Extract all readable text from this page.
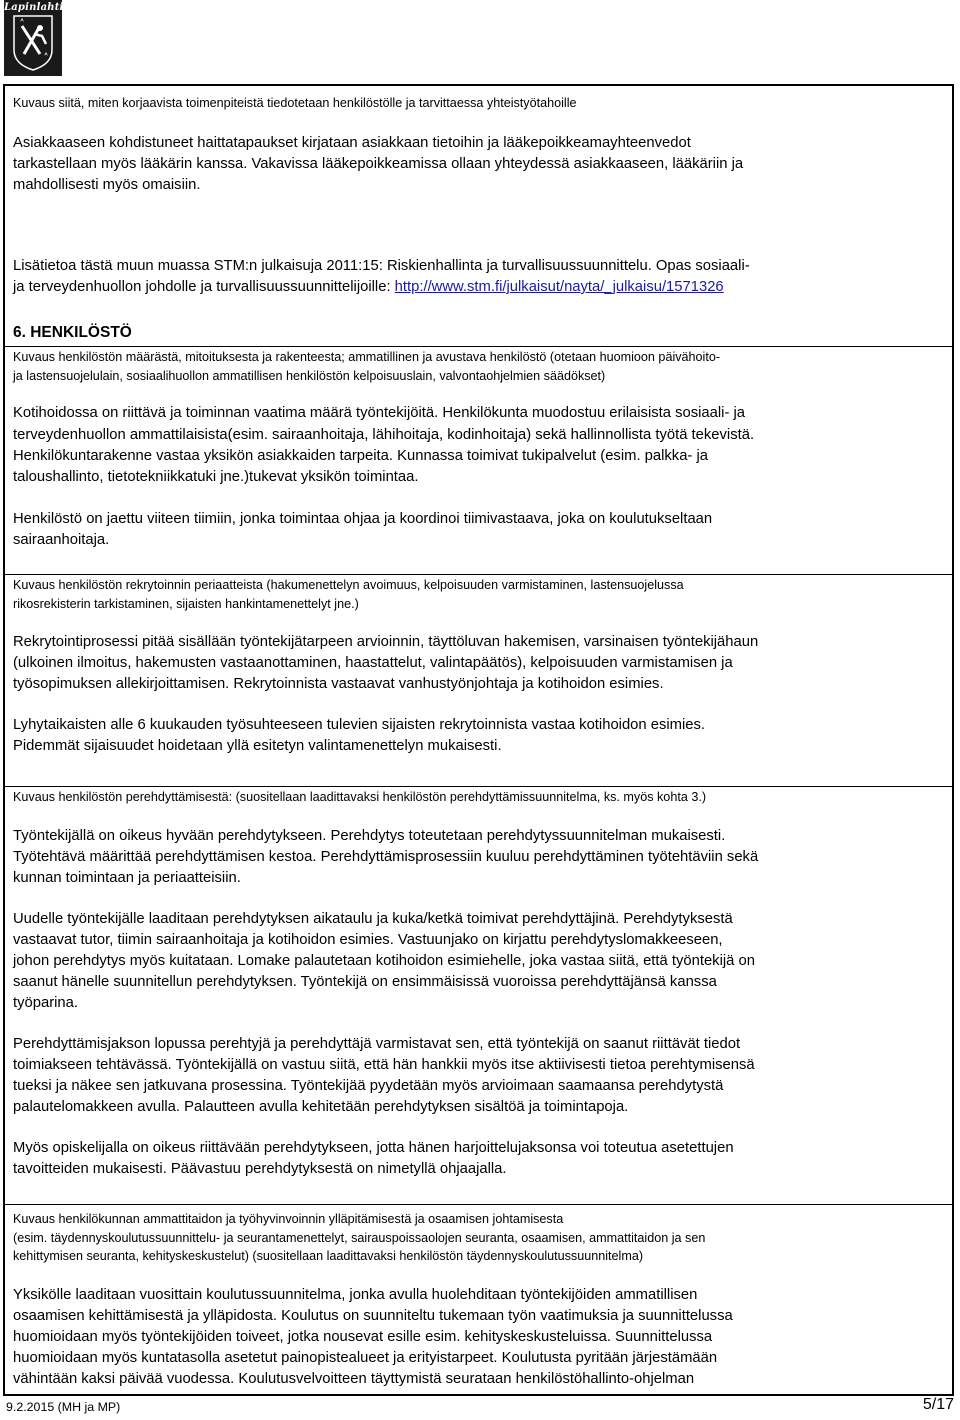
Lapinlahti

Kuvaus siitä, miten korjaavista toimenpiteistä tiedotetaan henkilöstölle ja tarvittaessa yhteistyötahoille

Asiakkaaseen kohdistuneet haittatapaukset kirjataan asiakkaan tietoihin ja lääkepoikkeamayhteenvedot

tarkastellaan myös lääkärin kanssa. Vakavissa lääkepoikkeamissa ollaan yhteydessä asiakkaaseen, lääkäriin ja

mahdollisesti myös omaisiin.

Lisätietoa tästä muun muassa STM:n julkaisuja 2011:15: Riskienhallinta ja turvallisuussuunnittelu. Opas sosiaali-

ja terveydenhuollon johdolle ja turvallisuussuunnittelijoille: http://www.stm.fi/julkaisut/nayta/_julkaisu/1571326

6. HENKILÖSTÖ

Kuvaus henkilöstön määrästä, mitoituksesta ja rakenteesta; ammatillinen ja avustava henkilöstö (otetaan huomioon päivähoito-

ja lastensuojelulain, sosiaalihuollon ammatillisen henkilöstön kelpoisuuslain, valvontaohjelmien säädökset)

Kotihoidossa on riittävä ja toiminnan vaatima määrä työntekijöitä. Henkilökunta muodostuu erilaisista sosiaali- ja

terveydenhuollon ammattilaisista(esim. sairaanhoitaja, lähihoitaja, kodinhoitaja) sekä hallinnollista työtä tekevistä.

Henkilökuntarakenne vastaa yksikön asiakkaiden tarpeita. Kunnassa toimivat tukipalvelut (esim. palkka- ja

taloushallinto, tietotekniikkatuki jne.)tukevat yksikön toimintaa.

Henkilöstö on jaettu viiteen tiimiin, jonka toimintaa ohjaa ja koordinoi tiimivastaava, joka on koulutukseltaan

sairaanhoitaja.

Kuvaus henkilöstön rekrytoinnin periaatteista (hakumenettelyn avoimuus, kelpoisuuden varmistaminen, lastensuojelussa

rikosrekisterin tarkistaminen, sijaisten hankintamenettelyt jne.)

Rekrytointiprosessi pitää sisällään työntekijätarpeen arvioinnin, täyttöluvan hakemisen, varsinaisen työntekijähaun

(ulkoinen ilmoitus, hakemusten vastaanottaminen, haastattelut, valintapäätös), kelpoisuuden varmistamisen ja

työsopimuksen allekirjoittamisen. Rekrytoinnista vastaavat vanhustyönjohtaja ja kotihoidon esimies.

Lyhytaikaisten alle 6 kuukauden työsuhteeseen tulevien sijaisten rekrytoinnista vastaa kotihoidon esimies.

Pidemmät sijaisuudet hoidetaan yllä esitetyn valintamenettelyn mukaisesti.

Kuvaus henkilöstön perehdyttämisestä: (suositellaan laadittavaksi henkilöstön perehdyttämissuunnitelma, ks. myös kohta 3.)

Työntekijällä on oikeus hyvään perehdytykseen. Perehdytys toteutetaan perehdytyssuunnitelman mukaisesti.

Työtehtävä määrittää perehdyttämisen kestoa. Perehdyttämisprosessiin kuuluu perehdyttäminen työtehtäviin sekä

kunnan toimintaan ja periaatteisiin.

Uudelle työntekijälle laaditaan perehdytyksen aikataulu ja kuka/ketkä toimivat perehdyttäjinä. Perehdytyksestä

vastaavat tutor, tiimin sairaanhoitaja ja kotihoidon esimies. Vastuunjako on kirjattu perehdytyslomakkeeseen,

johon perehdytys myös kuitataan. Lomake palautetaan kotihoidon esimiehelle, joka vastaa siitä, että työntekijä on

saanut hänelle suunnitellun perehdytyksen. Työntekijä on ensimmäisissä vuoroissa perehdyttäjänsä kanssa

työparina.

Perehdyttämisjakson lopussa perehtyjä ja perehdyttäjä varmistavat sen, että työntekijä on saanut riittävät tiedot

toimiakseen tehtävässä. Työntekijällä on vastuu siitä, että hän hankkii myös itse aktiivisesti tietoa perehtymisensä

tueksi ja näkee sen jatkuvana prosessina. Työntekijää pyydetään myös arvioimaan saamaansa perehdytystä

palautelomakkeen avulla. Palautteen avulla kehitetään perehdytyksen sisältöä ja toimintapoja.

Myös opiskelijalla on oikeus riittävään perehdytykseen, jotta hänen harjoittelujaksonsa voi toteutua asetettujen

tavoitteiden mukaisesti. Päävastuu perehdytyksestä on nimetyllä ohjaajalla.

Kuvaus henkilökunnan ammattitaidon ja työhyvinvoinnin ylläpitämisestä ja osaamisen johtamisesta

(esim. täydennyskoulutussuunnittelu- ja seurantamenettelyt, sairauspoissaolojen seuranta, osaamisen, ammattitaidon ja sen

kehittymisen seuranta, kehityskeskustelut) (suositellaan laadittavaksi henkilöstön täydennyskoulutussuunnitelma)

Yksikölle laaditaan vuosittain koulutussuunnitelma, jonka avulla huolehditaan työntekijöiden ammatillisen

osaamisen kehittämisestä ja ylläpidosta. Koulutus on suunniteltu tukemaan työn vaatimuksia ja suunnittelussa

huomioidaan myös työntekijöiden toiveet, jotka nousevat esille esim. kehityskeskusteluissa. Suunnittelussa

huomioidaan myös kuntatasolla asetetut painopistealueet ja erityistarpeet. Koulutusta pyritään järjestämään

vähintään kaksi päivää vuodessa. Koulutusvelvoitteen täyttymistä seurataan henkilöstöhallinto-ohjelman

9.2.2015 (MH ja MP)	5/17
